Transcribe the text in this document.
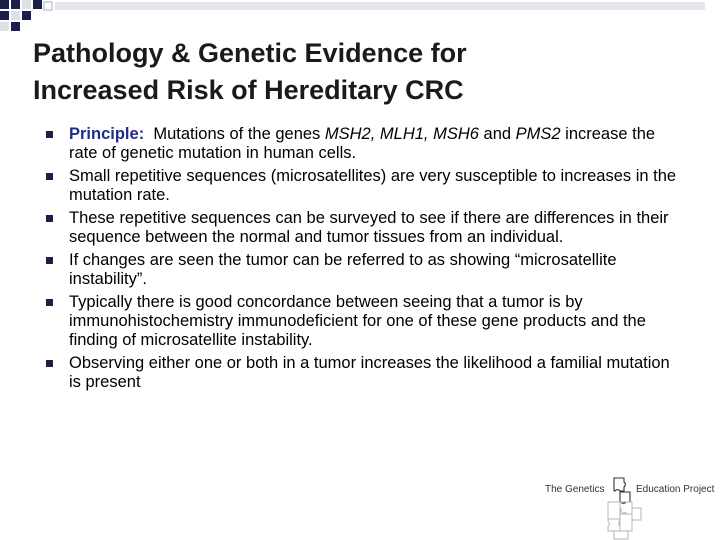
Pathology & Genetic Evidence for
Increased Risk of Hereditary CRC
Principle:  Mutations of the genes MSH2, MLH1, MSH6 and PMS2 increase the rate of genetic mutation in human cells.
Small repetitive sequences (microsatellites) are very susceptible to increases in the mutation rate.
These repetitive sequences can be surveyed to see if there are differences in their sequence between the normal and tumor tissues from an individual.
If changes are seen the tumor can be referred to as showing “microsatellite instability”.
Typically there is good concordance between seeing that a tumor is by immunohistochemistry immunodeficient for one of these gene products and the finding of microsatellite instability.
Observing either one or both in a tumor increases the likelihood a familial mutation is present
The Genetics	Education Project
